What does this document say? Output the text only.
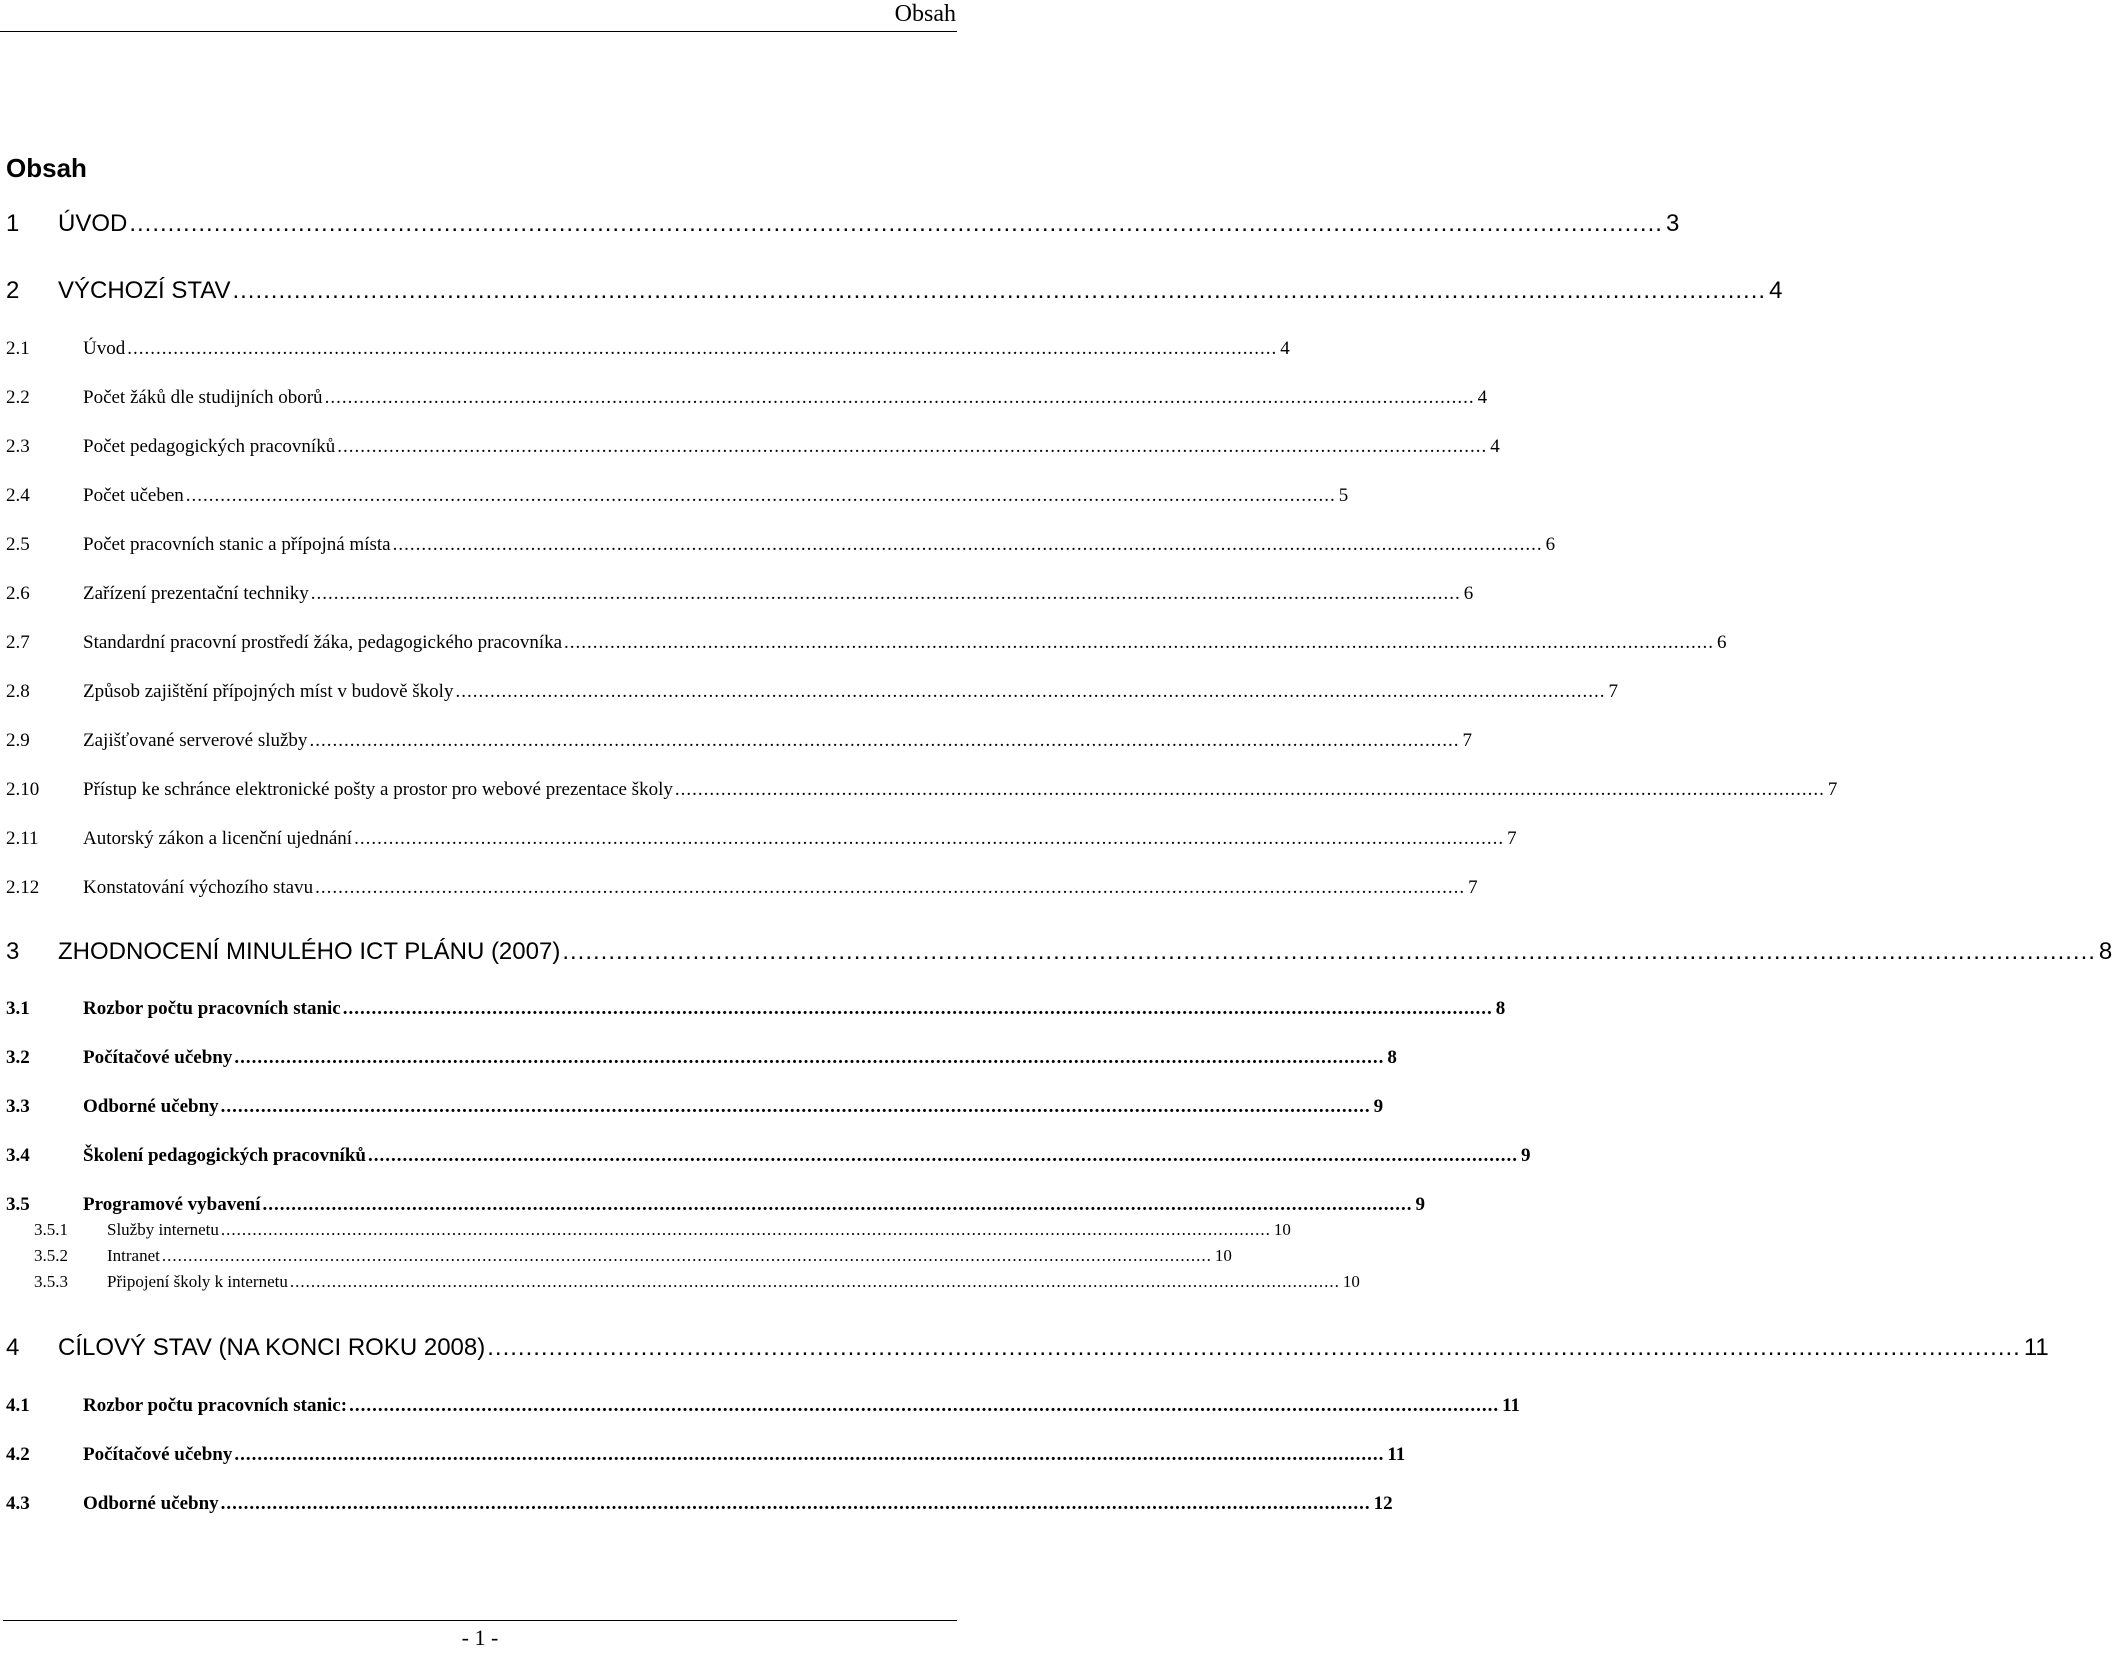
Obsah
Obsah
1	ÚVOD ........................................................................................................................................................................................................ 3
2	VÝCHOZÍ STAV ........................................................................................................................................................................................................ 4
2.1	Úvod ........................................................................................................................................................................................................ 4
2.2	Počet žáků dle studijních oborů ........................................................................................................................................................................................................ 4
2.3	Počet pedagogických pracovníků ........................................................................................................................................................................................................ 4
2.4	Počet učeben ........................................................................................................................................................................................................ 5
2.5	Počet pracovních stanic a přípojná místa ........................................................................................................................................................................................................ 6
2.6	Zařízení prezentační techniky ........................................................................................................................................................................................................ 6
2.7	Standardní pracovní prostředí žáka, pedagogického pracovníka ........................................................................................................................................................................................................ 6
2.8	Způsob zajištění přípojných míst v budově školy ........................................................................................................................................................................................................ 7
2.9	Zajišťované serverové služby ........................................................................................................................................................................................................ 7
2.10	Přístup ke schránce elektronické pošty a prostor pro webové prezentace školy ........................................................................................................................................................................................................ 7
2.11	Autorský zákon a licenční ujednání ........................................................................................................................................................................................................ 7
2.12	Konstatování výchozího stavu ........................................................................................................................................................................................................ 7
3	ZHODNOCENÍ MINULÉHO ICT PLÁNU (2007) ........................................................................................................................................................................................................ 8
3.1	Rozbor počtu pracovních stanic ........................................................................................................................................................................................................ 8
3.2	Počítačové učebny ........................................................................................................................................................................................................ 8
3.3	Odborné učebny ........................................................................................................................................................................................................ 9
3.4	Školení pedagogických pracovníků ........................................................................................................................................................................................................ 9
3.5	Programové vybavení ........................................................................................................................................................................................................ 9
3.5.1	Služby internetu ........................................................................................................................................................................................................ 10
3.5.2	Intranet ........................................................................................................................................................................................................ 10
3.5.3	Připojení školy k internetu ........................................................................................................................................................................................................ 10
4	CÍLOVÝ STAV (NA KONCI ROKU 2008) ........................................................................................................................................................................................................ 11
4.1	Rozbor počtu pracovních stanic: ........................................................................................................................................................................................................ 11
4.2	Počítačové učebny ........................................................................................................................................................................................................ 11
4.3	Odborné učebny ........................................................................................................................................................................................................ 12
- 1 -
